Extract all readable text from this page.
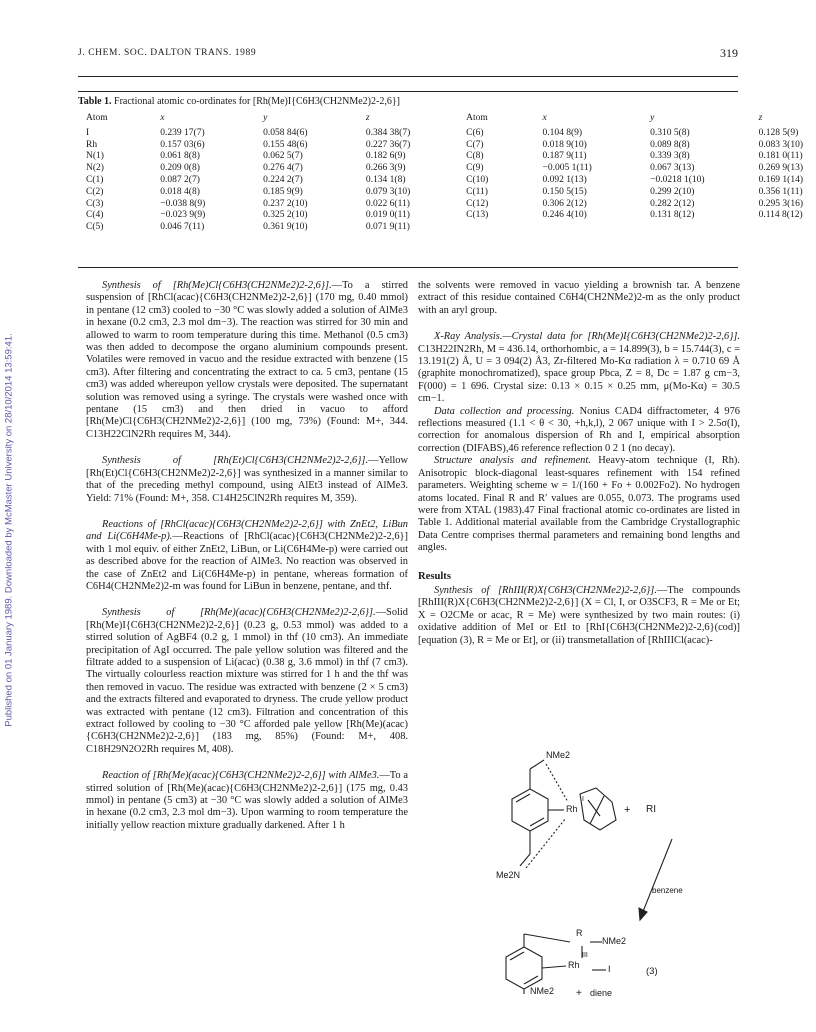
Published on 01 January 1989. Downloaded by McMaster University on 28/10/2014 13:59:41.
J. CHEM. SOC. DALTON TRANS. 1989	319
Table 1. Fractional atomic co-ordinates for [Rh(Me)I{C6H3(CH2NMe2)2-2,6}]
Atom	x	y	z	Atom	x	y	z
I	0.239 17(7)	0.058 84(6)	0.384 38(7)	C(6)	0.104 8(9)	0.310 5(8)	0.128 5(9)
Rh	0.157 03(6)	0.155 48(6)	0.227 36(7)	C(7)	0.018 9(10)	0.089 8(8)	0.083 3(10)
N(1)	0.061 8(8)	0.062 5(7)	0.182 6(9)	C(8)	0.187 9(11)	0.339 3(8)	0.181 0(11)
N(2)	0.209 0(8)	0.276 4(7)	0.266 3(9)	C(9)	−0.005 1(11)	0.067 3(13)	0.269 9(13)
C(1)	0.087 2(7)	0.224 2(7)	0.134 1(8)	C(10)	0.092 1(13)	−0.0218 1(10)	0.169 1(14)
C(2)	0.018 4(8)	0.185 9(9)	0.079 3(10)	C(11)	0.150 5(15)	0.299 2(10)	0.356 1(11)
C(3)	−0.038 8(9)	0.237 2(10)	0.022 6(11)	C(12)	0.306 2(12)	0.282 2(12)	0.295 3(16)
C(4)	−0.023 9(9)	0.325 2(10)	0.019 0(11)	C(13)	0.246 4(10)	0.131 8(12)	0.114 8(12)
C(5)	0.046 7(11)	0.361 9(10)	0.071 9(11)				

Synthesis of [Rh(Me)Cl{C6H3(CH2NMe2)2-2,6}].—To a stirred suspension of [RhCl(acac){C6H3(CH2NMe2)2-2,6}] (170 mg, 0.40 mmol) in pentane (12 cm3) cooled to −30 °C was slowly added a solution of AlMe3 in hexane (0.2 cm3, 2.3 mol dm−3). The reaction was stirred for 30 min and allowed to warm to room temperature during this time. Methanol (0.5 cm3) was then added to decompose the organo aluminium compounds present. Volatiles were removed in vacuo and the residue extracted with benzene (15 cm3). After filtering and concentrating the extract to ca. 5 cm3, pentane (15 cm3) was added whereupon yellow crystals were deposited. The supernatant solution was removed using a syringe. The crystals were washed once with pentane (15 cm3) and then dried in vacuo to afford [Rh(Me)Cl{C6H3(CH2NMe2)2-2,6}] (100 mg, 73%) (Found: M+, 344. C13H22ClN2Rh requires M, 344).

Synthesis of [Rh(Et)Cl{C6H3(CH2NMe2)2-2,6}].—Yellow [Rh(Et)Cl{C6H3(CH2NMe2)2-2,6}] was synthesized in a manner similar to that of the preceding methyl compound, using AlEt3 instead of AlMe3. Yield: 71% (Found: M+, 358. C14H25ClN2Rh requires M, 359).

Reactions of [RhCl(acac){C6H3(CH2NMe2)2-2,6}] with ZnEt2, LiBun and Li(C6H4Me-p).—Reactions of [RhCl(acac){C6H3(CH2NMe2)2-2,6}] with 1 mol equiv. of either ZnEt2, LiBun, or Li(C6H4Me-p) were carried out as described above for the reaction of AlMe3. No reaction was observed in the case of ZnEt2 and Li(C6H4Me-p) in pentane, whereas formation of C6H4(CH2NMe2)2-m was found for LiBun in benzene, pentane, and thf.

Synthesis of [Rh(Me)(acac){C6H3(CH2NMe2)2-2,6}].—Solid [Rh(Me)I{C6H3(CH2NMe2)2-2,6}] (0.23 g, 0.53 mmol) was added to a stirred solution of AgBF4 (0.2 g, 1 mmol) in thf (10 cm3). An immediate precipitation of AgI occurred. The pale yellow solution was filtered and the filtrate added to a suspension of Li(acac) (0.38 g, 3.6 mmol) in thf (7 cm3). The virtually colourless reaction mixture was stirred for 1 h and the thf was then removed in vacuo. The residue was extracted with benzene (2 × 5 cm3) and the extracts filtered and evaporated to dryness. The crude yellow product was extracted with pentane (12 cm3). Filtration and concentration of this extract followed by cooling to −30 °C afforded pale yellow [Rh(Me)(acac){C6H3(CH2NMe2)2-2,6}] (183 mg, 85%) (Found: M+, 408. C18H29N2O2Rh requires M, 408).

Reaction of [Rh(Me)(acac){C6H3(CH2NMe2)2-2,6}] with AlMe3.—To a stirred solution of [Rh(Me)(acac){C6H3(CH2NMe2)2-2,6}] (175 mg, 0.43 mmol) in pentane (5 cm3) at −30 °C was slowly added a solution of AlMe3 in hexane (0.2 cm3, 2.3 mol dm−3). Upon warming to room temperature the initially yellow reaction mixture gradually darkened. After 1 h

the solvents were removed in vacuo yielding a brownish tar. A benzene extract of this residue contained C6H4(CH2NMe2)2-m as the only product with an aryl group.

X-Ray Analysis.—Crystal data for [Rh(Me)I{C6H3(CH2NMe2)2-2,6}]. C13H22IN2Rh, M = 436.14, orthorhombic, a = 14.899(3), b = 15.744(3), c = 13.191(2) Å, U = 3 094(2) Å3, Zr-filtered Mo-Kα radiation λ = 0.710 69 Å (graphite monochromatized), space group Pbca, Z = 8, Dc = 1.87 g cm−3, F(000) = 1 696. Crystal size: 0.13 × 0.15 × 0.25 mm, μ(Mo-Kα) = 30.5 cm−1.

Data collection and processing. Nonius CAD4 diffractometer, 4 976 reflections measured (1.1 < θ < 30, +h,k,l), 2 067 unique with I > 2.5σ(I), correction for anomalous dispersion of Rh and I, empirical absorption correction (DIFABS),46 reference reflection 0 2 1 (no decay).

Structure analysis and refinement. Heavy-atom technique (I, Rh). Anisotropic block-diagonal least-squares refinement with 154 refined parameters. Weighting scheme w = 1/(160 + Fo + 0.002Fo2). No hydrogen atoms located. Final R and R′ values are 0.055, 0.073. The programs used were from XTAL (1983).47 Final fractional atomic co-ordinates are listed in Table 1. Additional material available from the Cambridge Crystallographic Data Centre comprises thermal parameters and remaining bond lengths and angles.

Results

Synthesis of [RhIII(R)X{C6H3(CH2NMe2)2-2,6}].—The compounds [RhIII(R)X{C6H3(CH2NMe2)2-2,6}] (X = Cl, I, or O3SCF3, R = Me or Et; X = O2CMe or acac, R = Me) were synthesized by two main routes: (i) oxidative addition of MeI or EtI to [RhI{C6H3(CH2NMe2)2-2,6}(cod)] [equation (3), R = Me or Et], or (ii) transmetallation of [RhIIICl(acac)-

NMe2
Rh
I
+ RI
Me2N
benzene
R
NMe2
Rh
III
I	(3)
NMe2 + diene
